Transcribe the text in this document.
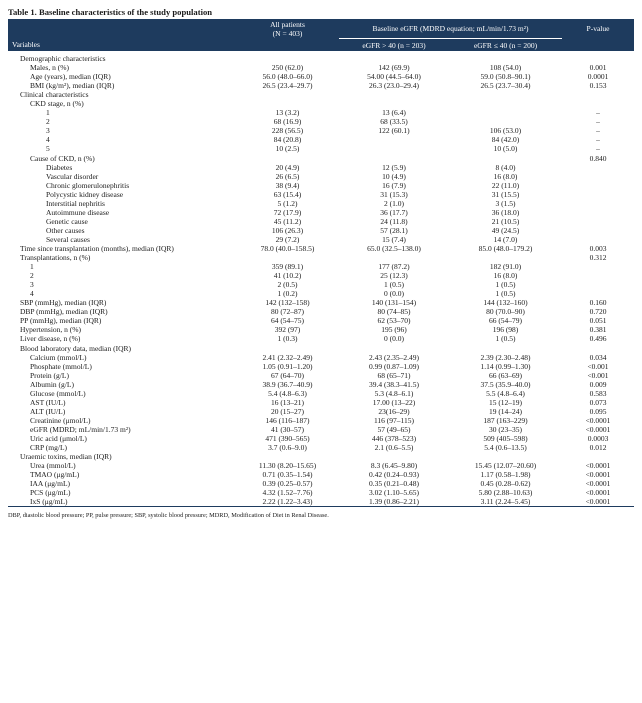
Table 1. Baseline characteristics of the study population

	All patients
(N = 403)	Baseline eGFR (MDRD equation; mL/min/1.73 m²)		P-value
Variables		eGFR > 40 (n = 203)	eGFR ≤ 40 (n = 200)	
Demographic characteristics				
Males, n (%)	250 (62.0)	142 (69.9)	108 (54.0)	0.001
Age (years), median (IQR)	56.0 (48.0–66.0)	54.00 (44.5–64.0)	59.0 (50.8–90.1)	0.0001
BMI (kg/m²), median (IQR)	26.5 (23.4–29.7)	26.3 (23.0–29.4)	26.5 (23.7–30.4)	0.153
Clinical characteristics				
CKD stage, n (%)				
1	13 (3.2)	13 (6.4)		–
2	68 (16.9)	68 (33.5)		–
3	228 (56.5)	122 (60.1)	106 (53.0)	–
4	84 (20.8)		84 (42.0)	–
5	10 (2.5)		10 (5.0)	–
Cause of CKD, n (%)				0.840
Diabetes	20 (4.9)	12 (5.9)	8 (4.0)	
Vascular disorder	26 (6.5)	10 (4.9)	16 (8.0)	
Chronic glomerulonephritis	38 (9.4)	16 (7.9)	22 (11.0)	
Polycystic kidney disease	63 (15.4)	31 (15.3)	31 (15.5)	
Interstitial nephritis	5 (1.2)	2 (1.0)	3 (1.5)	
Autoimmune disease	72 (17.9)	36 (17.7)	36 (18.0)	
Genetic cause	45 (11.2)	24 (11.8)	21 (10.5)	
Other causes	106 (26.3)	57 (28.1)	49 (24.5)	
Several causes	29 (7.2)	15 (7.4)	14 (7.0)	
Time since transplantation (months), median (IQR)	78.0 (40.0–158.5)	65.0 (32.5–138.0)	85.0 (48.0–179.2)	0.003
Transplantations, n (%)				0.312
1	359 (89.1)	177 (87.2)	182 (91.0)	
2	41 (10.2)	25 (12.3)	16 (8.0)	
3	2 (0.5)	1 (0.5)	1 (0.5)	
4	1 (0.2)	0 (0.0)	1 (0.5)	
SBP (mmHg), median (IQR)	142 (132–158)	140 (131–154)	144 (132–160)	0.160
DBP (mmHg), median (IQR)	80 (72–87)	80 (74–85)	80 (70.0–90)	0.720
PP (mmHg), median (IQR)	64 (54–75)	62 (53–70)	66 (54–79)	0.051
Hypertension, n (%)	392 (97)	195 (96)	196 (98)	0.381
Liver disease, n (%)	1 (0.3)	0 (0.0)	1 (0.5)	0.496
Blood laboratory data, median (IQR)				
Calcium (mmol/L)	2.41 (2.32–2.49)	2.43 (2.35–2.49)	2.39 (2.30–2.48)	0.034
Phosphate (mmol/L)	1.05 (0.91–1.20)	0.99 (0.87–1.09)	1.14 (0.99–1.30)	<0.001
Protein (g/L)	67 (64–70)	68 (65–71)	66 (63–69)	<0.001
Albumin (g/L)	38.9 (36.7–40.9)	39.4 (38.3–41.5)	37.5 (35.9–40.0)	0.009
Glucose (mmol/L)	5.4 (4.8–6.3)	5.3 (4.8–6.1)	5.5 (4.8–6.4)	0.583
AST (IU/L)	16 (13–21)	17.00 (13–22)	15 (12–19)	0.073
ALT (IU/L)	20 (15–27)	23(16–29)	19 (14–24)	0.095
Creatinine (μmol/L)	146 (116–187)	116 (97–115)	187 (163–229)	<0.0001
eGFR (MDRD; mL/min/1.73 m²)	41 (30–57)	57 (49–65)	30 (23–35)	<0.0001
Uric acid (μmol/L)	471 (390–565)	446 (378–523)	509 (405–598)	0.0003
CRP (mg/L)	3.7 (0.6–9.0)	2.1 (0.6–5.5)	5.4 (0.6–13.5)	0.012
Uraemic toxins, median (IQR)				
Urea (mmol/L)	11.30 (8.20–15.65)	8.3 (6.45–9.80)	15.45 (12.07–20.60)	<0.0001
TMAO (μg/mL)	0.71 (0.35–1.54)	0.42 (0.24–0.93)	1.17 (0.58–1.98)	<0.0001
IAA (μg/mL)	0.39 (0.25–0.57)	0.35 (0.21–0.48)	0.45 (0.28–0.62)	<0.0001
PCS (μg/mL)	4.32 (1.52–7.76)	3.02 (1.10–5.65)	5.80 (2.88–10.63)	<0.0001
IxS (μg/mL)	2.22 (1.22–3.43)	1.39 (0.86–2.21)	3.11 (2.24–5.45)	<0.0001
DBP, diastolic blood pressure; PP, pulse pressure; SBP, systolic blood pressure; MDRD, Modification of Diet in Renal Disease.
